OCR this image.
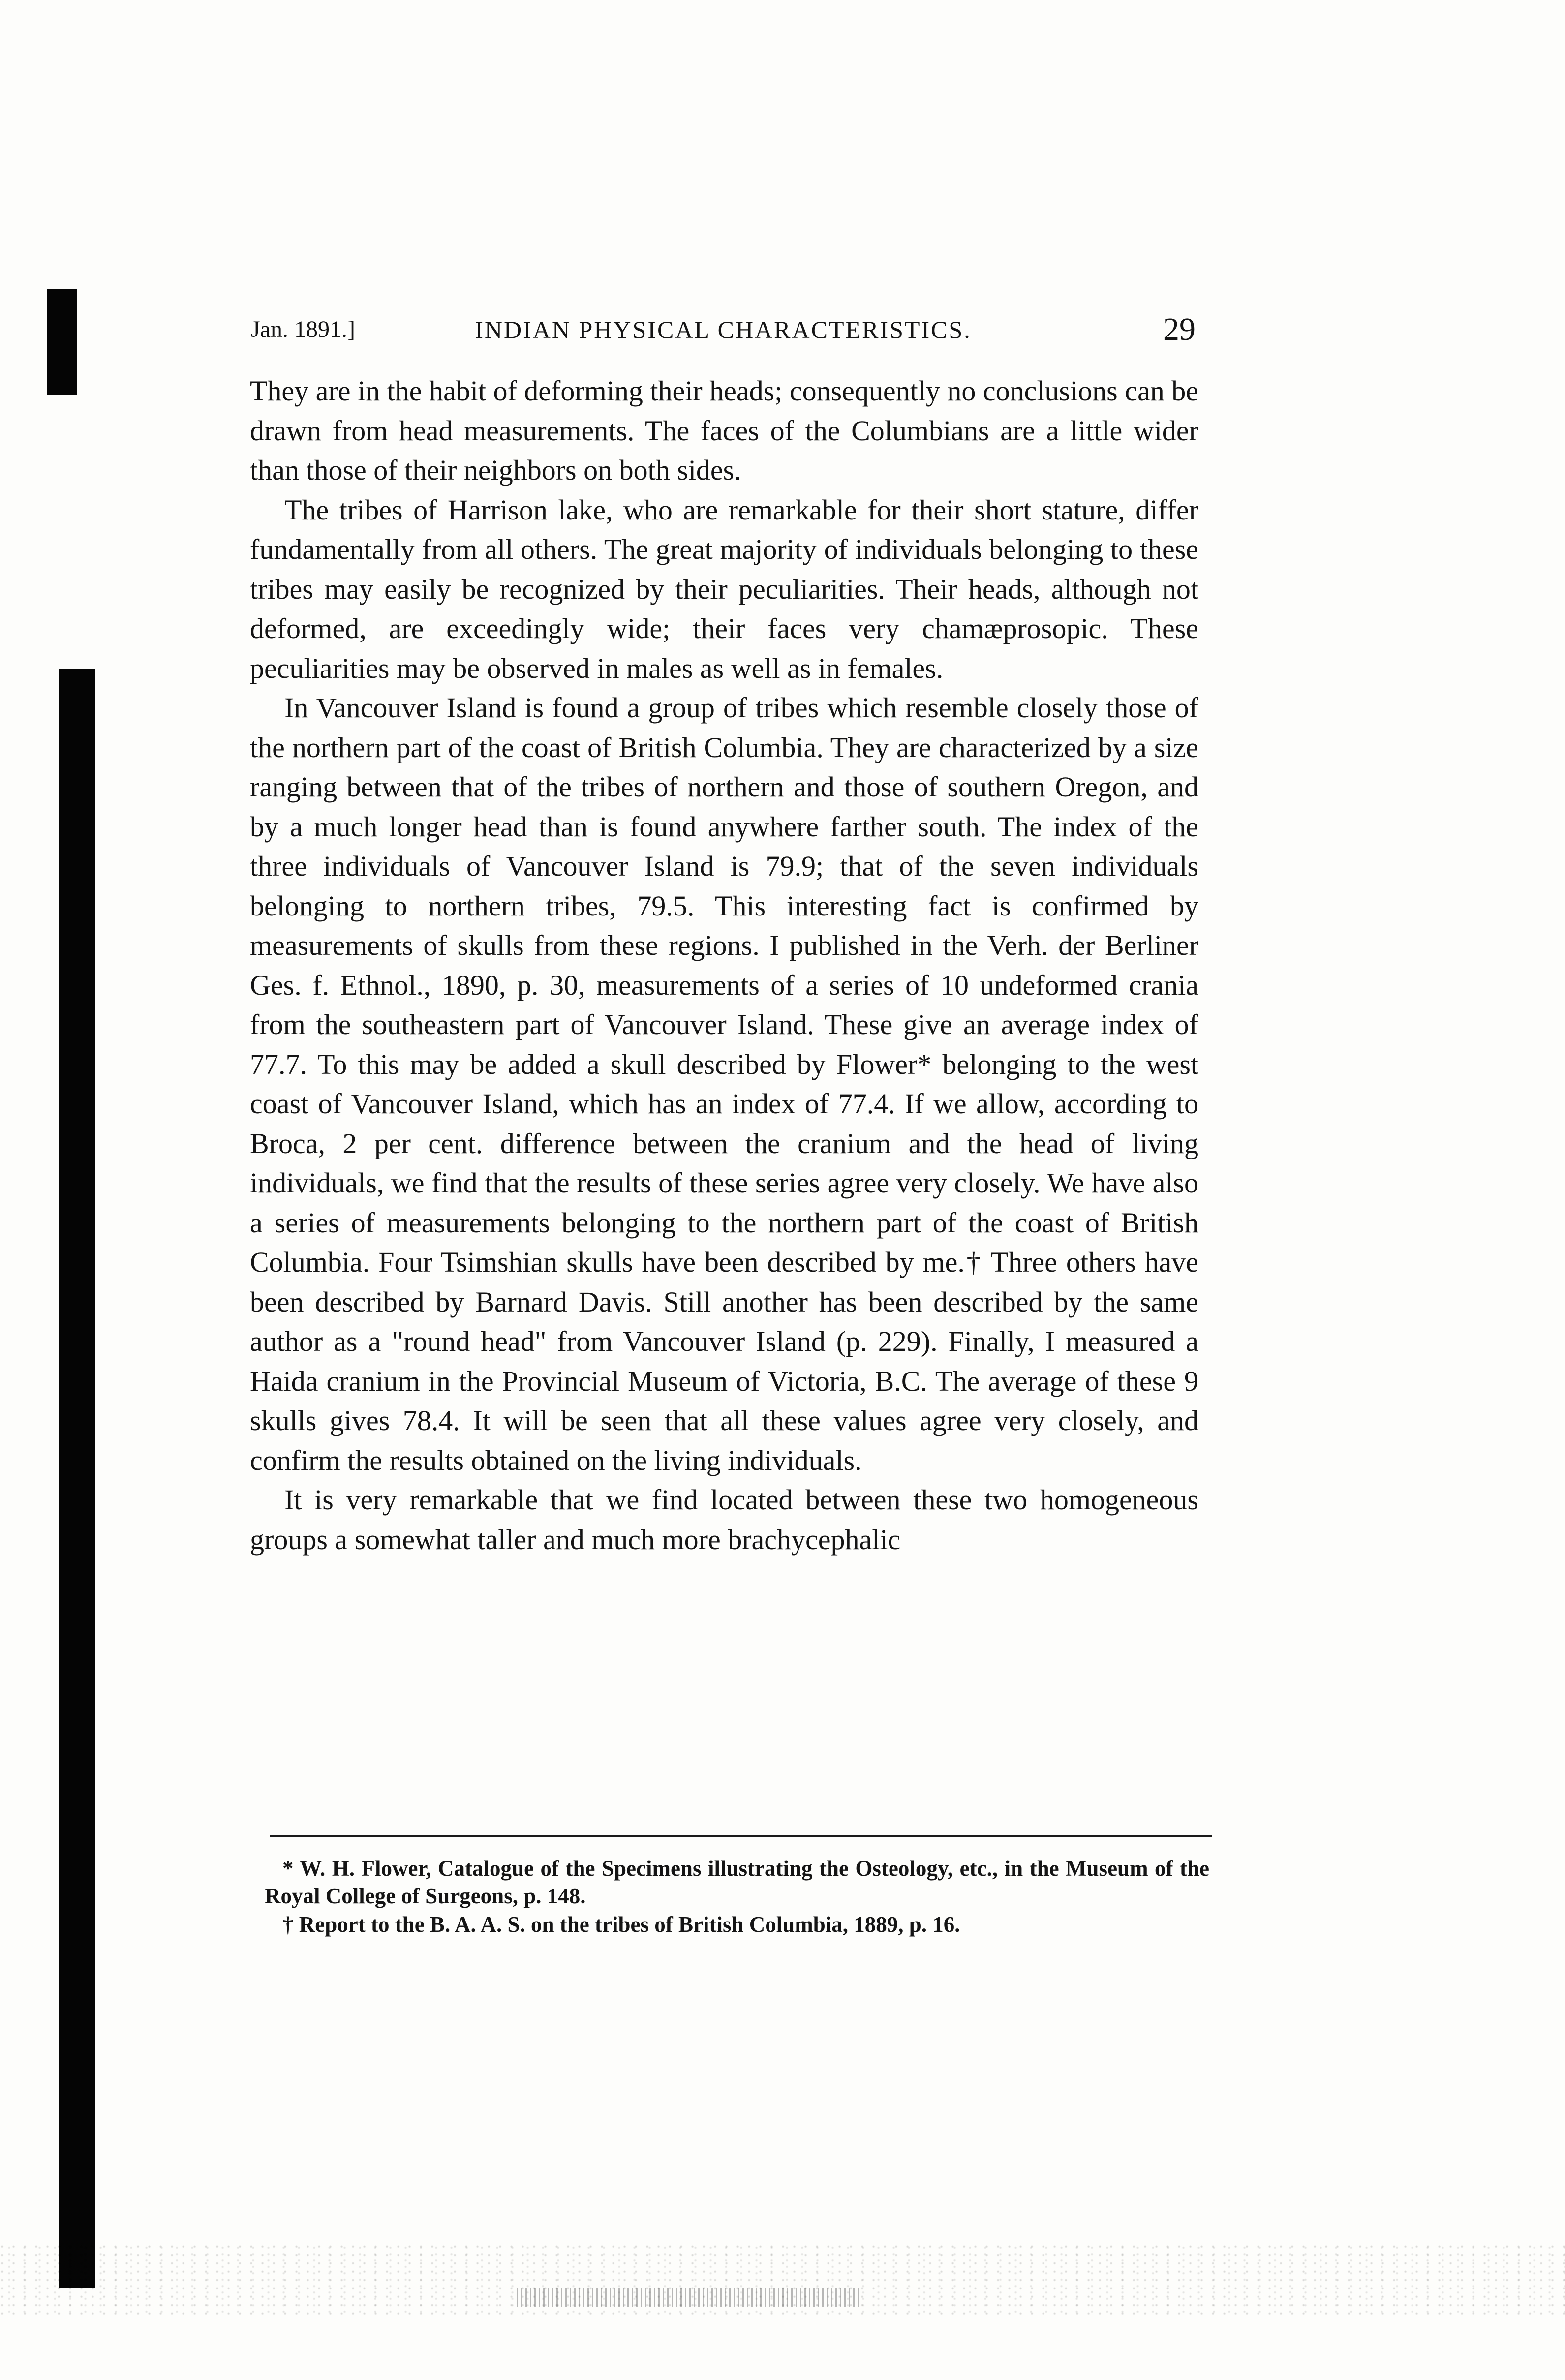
Jan. 1891.]	INDIAN PHYSICAL CHARACTERISTICS.	29

They are in the habit of deforming their heads; consequently no conclusions can be drawn from head measurements. The faces of the Columbians are a little wider than those of their neighbors on both sides.

The tribes of Harrison lake, who are remarkable for their short stature, differ fundamentally from all others. The great majority of individuals belonging to these tribes may easily be recognized by their peculiarities. Their heads, although not deformed, are exceedingly wide; their faces very chamæprosopic. These peculiarities may be observed in males as well as in females.

In Vancouver Island is found a group of tribes which resemble closely those of the northern part of the coast of British Columbia. They are characterized by a size ranging between that of the tribes of northern and those of southern Oregon, and by a much longer head than is found anywhere farther south. The index of the three individuals of Vancouver Island is 79.9; that of the seven individuals belonging to northern tribes, 79.5. This interesting fact is confirmed by measurements of skulls from these regions. I published in the Verh. der Berliner Ges. f. Ethnol., 1890, p. 30, measurements of a series of 10 undeformed crania from the southeastern part of Vancouver Island. These give an average index of 77.7. To this may be added a skull described by Flower* belonging to the west coast of Vancouver Island, which has an index of 77.4. If we allow, according to Broca, 2 per cent. difference between the cranium and the head of living individuals, we find that the results of these series agree very closely. We have also a series of measurements belonging to the northern part of the coast of British Columbia. Four Tsimshian skulls have been described by me.† Three others have been described by Barnard Davis. Still another has been described by the same author as a "round head" from Vancouver Island (p. 229). Finally, I measured a Haida cranium in the Provincial Museum of Victoria, B.C. The average of these 9 skulls gives 78.4. It will be seen that all these values agree very closely, and confirm the results obtained on the living individuals.

It is very remarkable that we find located between these two homogeneous groups a somewhat taller and much more brachycephalic

* W. H. Flower, Catalogue of the Specimens illustrating the Osteology, etc., in the Museum of the Royal College of Surgeons, p. 148.

† Report to the B. A. A. S. on the tribes of British Columbia, 1889, p. 16.
